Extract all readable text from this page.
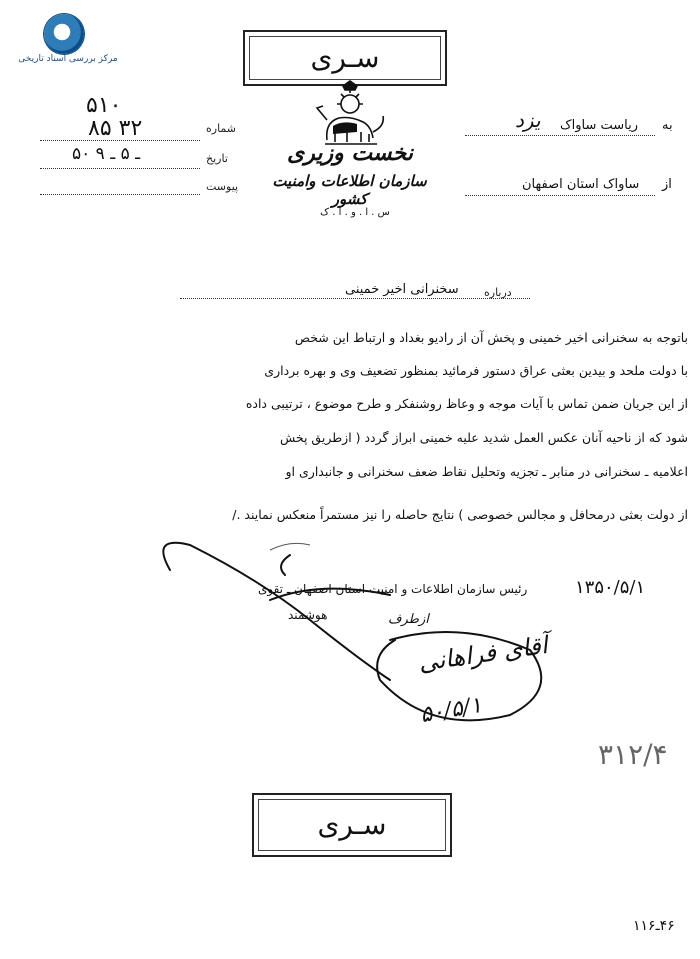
مرکز بررسی اسناد تاریخی	سـری
۵۱۰
۸۵ ۳۲	شماره
۵۰ ـ ۵ ـ ۹	تاریخ
پیوست
نخست وزیری
سازمان اطلاعات وامنیت کشور
س . ا . و . ا . ک
به
ریاست ساواک
یزد
از
ساواک استان اصفهان
درباره
سخنرانی اخیر خمینی
باتوجه به سخنرانی اخیر خمینی و پخش آن از رادیو بغداد و ارتباط این شخص
با دولت ملحد و بیدین بعثی عراق دستور فرمائید بمنظور تضعیف وی و بهره برداری
از این جریان ضمن تماس با آیات موجه و وعاظ روشنفکر و طرح موضوع ، ترتیبی داده
شود که از ناحیه آنان عکس العمل شدید علیه خمینی ابراز گردد ( ازطریق پخش
اعلامیه ـ سخنرانی در منابر ـ تجزیه وتحلیل نقاط ضعف سخنرانی و جانبداری او
از دولت بعثی درمحافل و مجالس خصوصی ) نتایج حاصله را نیز مستمراً منعکس نمایند ./
رئیس سازمان اطلاعات و امنیت استان اصفهان ـ تقوی
هوشمند
۱۳۵۰/۵/۱
ازطرف
آقای فراهانی
۵۰/۵/۱
۳۱۲/۴
سـری
۴۶ـ۱۱۶
